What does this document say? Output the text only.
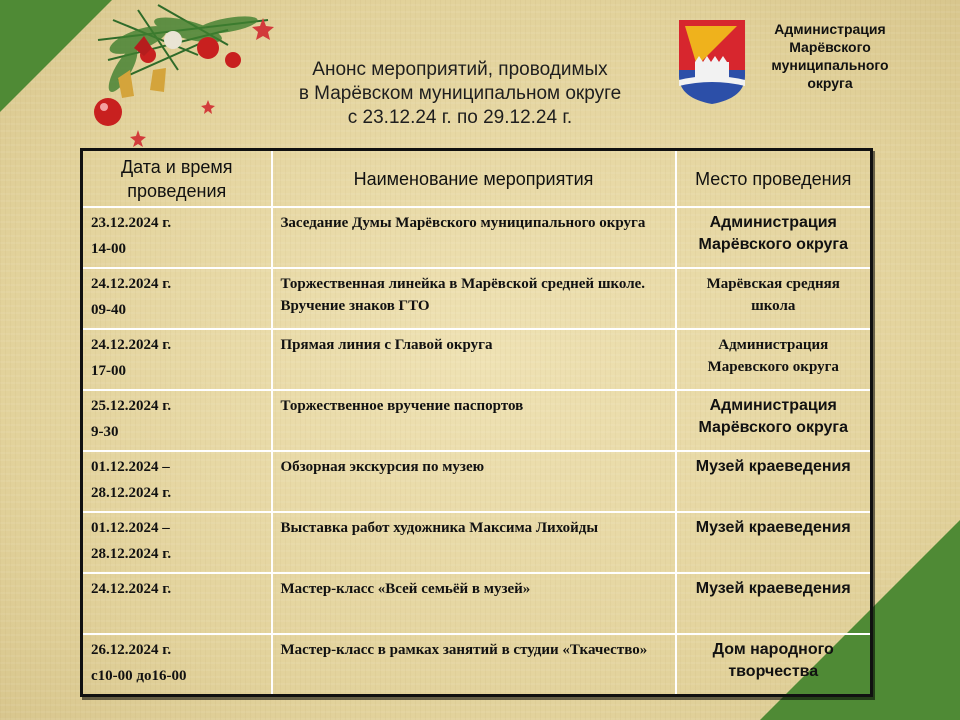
Анонс мероприятий, проводимых
в Марёвском муниципальном округе
с 23.12.24 г. по 29.12.24 г.
Администрация
Марёвского
муниципального
округа
Дата и время проведения	Наименование мероприятия	Место проведения

23.12.2024 г.
14-00	Заседание Думы Марёвского муниципального округа	Администрация Марёвского округа

24.12.2024 г.
09-40	Торжественная линейка в Марёвской средней школе. Вручение знаков ГТО	Марёвская средняя школа

24.12.2024 г.
17-00	Прямая линия с Главой округа	Администрация Маревского округа

25.12.2024 г.
9-30	Торжественное вручение паспортов	Администрация Марёвского округа

01.12.2024 –
28.12.2024 г.	Обзорная экскурсия по музею	Музей краеведения

01.12.2024 –
28.12.2024 г.	Выставка работ художника Максима Лихойды	Музей краеведения

24.12.2024 г.	Мастер-класс «Всей семьёй в музей»	Музей краеведения

26.12.2024 г.
с10-00 до16-00	Мастер-класс в рамках занятий в студии «Ткачество»	Дом народного творчества
